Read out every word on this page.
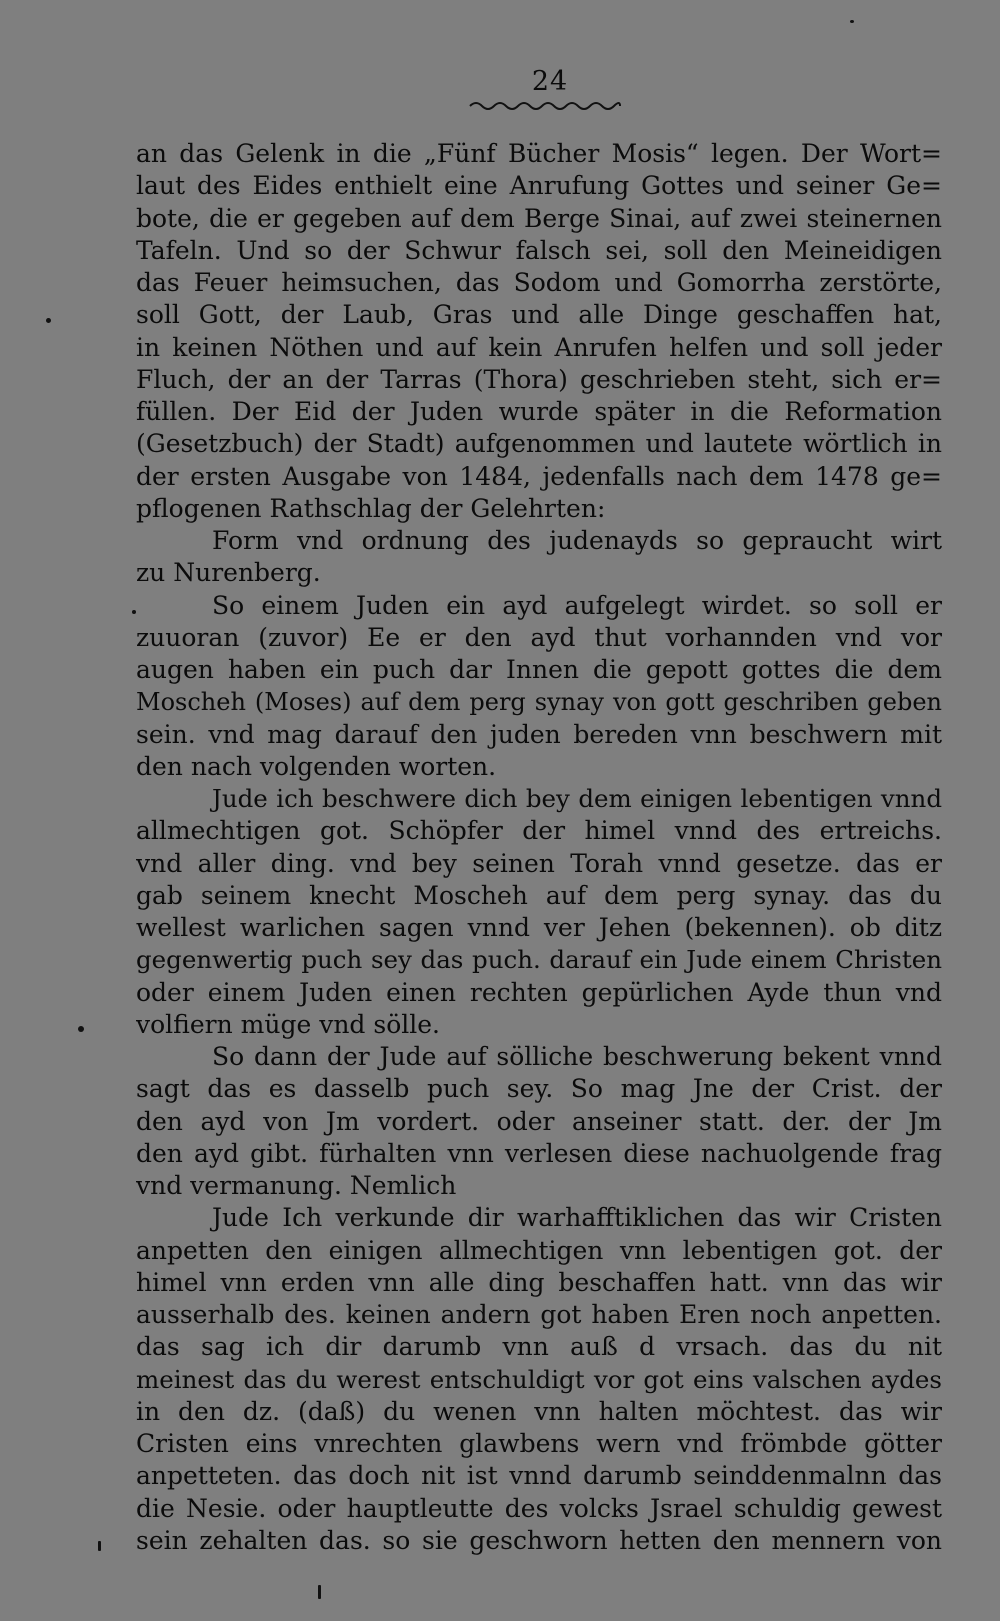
24
an das Gelenk in die „Fünf Bücher Mosis“ legen. Der Wort=
laut des Eides enthielt eine Anrufung Gottes und seiner Ge=
bote, die er gegeben auf dem Berge Sinai, auf zwei steinernen
Tafeln. Und so der Schwur falsch sei, soll den Meineidigen
das Feuer heimsuchen, das Sodom und Gomorrha zerstörte,
soll Gott, der Laub, Gras und alle Dinge geschaffen hat,
in keinen Nöthen und auf kein Anrufen helfen und soll jeder
Fluch, der an der Tarras (Thora) geschrieben steht, sich er=
füllen. Der Eid der Juden wurde später in die Reformation
(Gesetzbuch) der Stadt) aufgenommen und lautete wörtlich in
der ersten Ausgabe von 1484, jedenfalls nach dem 1478 ge=
pflogenen Rathschlag der Gelehrten:
Form vnd ordnung des judenayds so gepraucht wirt
zu Nurenberg.
So einem Juden ein ayd aufgelegt wirdet. so soll er
zuuoran (zuvor) Ee er den ayd thut vorhannden vnd vor
augen haben ein puch dar Innen die gepott gottes die dem
Moscheh (Moses) auf dem perg synay von gott geschriben geben
sein. vnd mag darauf den juden bereden vnn beschwern mit
den nach volgenden worten.
Jude ich beschwere dich bey dem einigen lebentigen vnnd
allmechtigen got. Schöpfer der himel vnnd des ertreichs.
vnd aller ding. vnd bey seinen Torah vnnd gesetze. das er
gab seinem knecht Moscheh auf dem perg synay. das du
wellest warlichen sagen vnnd ver Jehen (bekennen). ob ditz
gegenwertig puch sey das puch. darauf ein Jude einem Christen
oder einem Juden einen rechten gepürlichen Ayde thun vnd
volfiern müge vnd sölle.
So dann der Jude auf sölliche beschwerung bekent vnnd
sagt das es dasselb puch sey. So mag Jne der Crist. der
den ayd von Jm vordert. oder anseiner statt. der. der Jm
den ayd gibt. fürhalten vnn verlesen diese nachuolgende frag
vnd vermanung. Nemlich
Jude Ich verkunde dir warhafftiklichen das wir Cristen
anpetten den einigen allmechtigen vnn lebentigen got. der
himel vnn erden vnn alle ding beschaffen hatt. vnn das wir
ausserhalb des. keinen andern got haben Eren noch anpetten.
das sag ich dir darumb vnn auß d vrsach. das du nit
meinest das du werest entschuldigt vor got eins valschen aydes
in den dz. (daß) du wenen vnn halten möchtest. das wir
Cristen eins vnrechten glawbens wern vnd frömbde götter
anpetteten. das doch nit ist vnnd darumb seinddenmalnn das
die Nesie. oder hauptleutte des volcks Jsrael schuldig gewest
sein zehalten das. so sie geschworn hetten den mennern von
